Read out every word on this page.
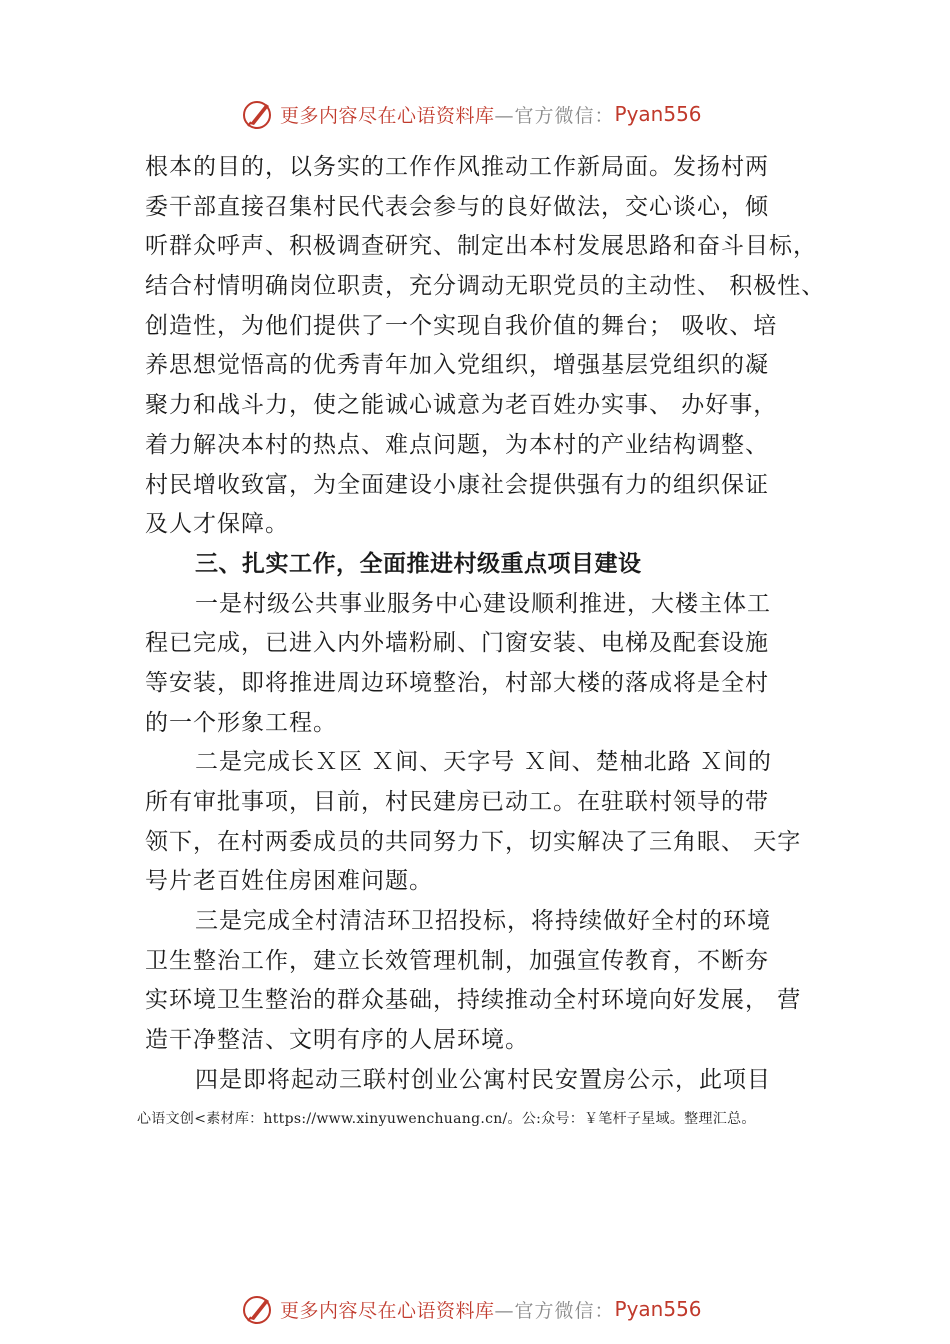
更多内容尽在心语资料库 —官方微信： Pyan556
根本的目的，以务实的工作作风推动工作新局面。发扬村两
委干部直接召集村民代表会参与的良好做法，交心谈心，倾
听群众呼声、积极调查研究、制定出本村发展思路和奋斗目标，
结合村情明确岗位职责，充分调动无职党员的主动性、 积极性、
创造性，为他们提供了一个实现自我价值的舞台； 吸收、培
养思想觉悟高的优秀青年加入党组织，增强基层党组织的凝
聚力和战斗力，使之能诚心诚意为老百姓办实事、 办好事，
着力解决本村的热点、难点问题，为本村的产业结构调整、
村民增收致富，为全面建设小康社会提供强有力的组织保证
及人才保障。
三、扎实工作，全面推进村级重点项目建设
一是村级公共事业服务中心建设顺利推进，大楼主体工
程已完成，已进入内外墙粉刷、门窗安装、电梯及配套设施
等安装，即将推进周边环境整治，村部大楼的落成将是全村
的一个形象工程。
二是完成长Ｘ区 Ｘ间、天字号 Ｘ间、楚柚北路 Ｘ间的
所有审批事项，目前，村民建房已动工。在驻联村领导的带
领下，在村两委成员的共同努力下，切实解决了三角眼、 天字
号片老百姓住房困难问题。
三是完成全村清洁环卫招投标，将持续做好全村的环境
卫生整治工作，建立长效管理机制，加强宣传教育，不断夯
实环境卫生整治的群众基础，持续推动全村环境向好发展， 营
造干净整洁、文明有序的人居环境。
四是即将起动三联村创业公寓村民安置房公示，此项目
心语文创<素材库：https://www.xinyuwenchuang.cn/。公:众号：￥笔杆子星域。整理汇总。
更多内容尽在心语资料库 —官方微信： Pyan556
